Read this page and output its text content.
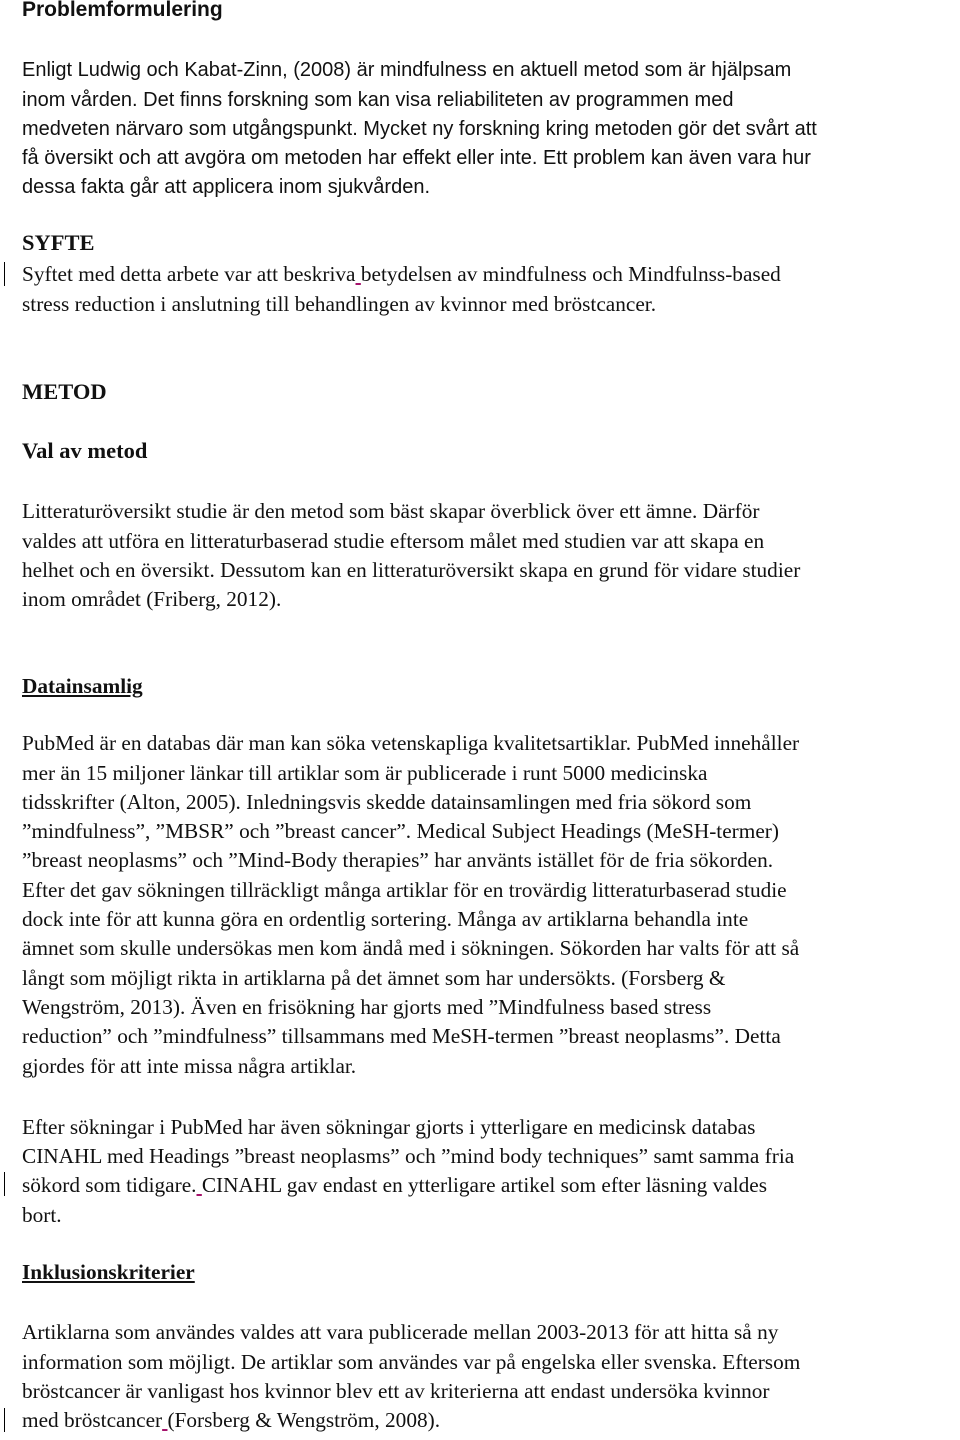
Problemformulering

Enligt Ludwig och Kabat-Zinn, (2008) är mindfulness en aktuell metod som är hjälpsam

inom vården. Det finns forskning som kan visa reliabiliteten av programmen med

medveten närvaro som utgångspunkt. Mycket ny forskning kring metoden gör det svårt att

få översikt och att avgöra om metoden har effekt eller inte. Ett problem kan även vara hur

dessa fakta går att applicera inom sjukvården.

SYFTE

Syftet med detta arbete var att beskriva betydelsen av mindfulness och Mindfulnss-based

stress reduction i anslutning till behandlingen av kvinnor med bröstcancer.

METOD
Val av metod

Litteraturöversikt studie är den metod som bäst skapar överblick över ett ämne. Därför

valdes att utföra en litteraturbaserad studie eftersom målet med studien var att skapa en

helhet och en översikt. Dessutom kan en litteraturöversikt skapa en grund för vidare studier

inom området (Friberg, 2012).

Datainsamlig

PubMed är en databas där man kan söka vetenskapliga kvalitetsartiklar. PubMed innehåller

mer än 15 miljoner länkar till artiklar som är publicerade i runt 5000 medicinska

tidsskrifter (Alton, 2005). Inledningsvis skedde datainsamlingen med fria sökord som

”mindfulness”, ”MBSR” och ”breast cancer”. Medical Subject Headings (MeSH-termer)

”breast neoplasms” och ”Mind-Body therapies” har använts istället för de fria sökorden.

Efter det gav sökningen tillräckligt många artiklar för en trovärdig litteraturbaserad studie

dock inte för att kunna göra en ordentlig sortering. Många av artiklarna behandla inte

ämnet som skulle undersökas men kom ändå med i sökningen. Sökorden har valts för att så

långt som möjligt rikta in artiklarna på det ämnet som har undersökts. (Forsberg &

Wengström, 2013). Även en frisökning har gjorts med ”Mindfulness based stress

reduction” och ”mindfulness” tillsammans med MeSH-termen ”breast neoplasms”. Detta

gjordes för att inte missa några artiklar.

Efter sökningar i PubMed har även sökningar gjorts i ytterligare en medicinsk databas

CINAHL med Headings ”breast neoplasms” och ”mind body techniques” samt samma fria

sökord som tidigare. CINAHL gav endast en ytterligare artikel som efter läsning valdes

bort.

Inklusionskriterier

Artiklarna som användes valdes att vara publicerade mellan 2003-2013 för att hitta så ny

information som möjligt. De artiklar som användes var på engelska eller svenska. Eftersom

bröstcancer är vanligast hos kvinnor blev ett av kriterierna att endast undersöka kvinnor

med bröstcancer (Forsberg & Wengström, 2008).
